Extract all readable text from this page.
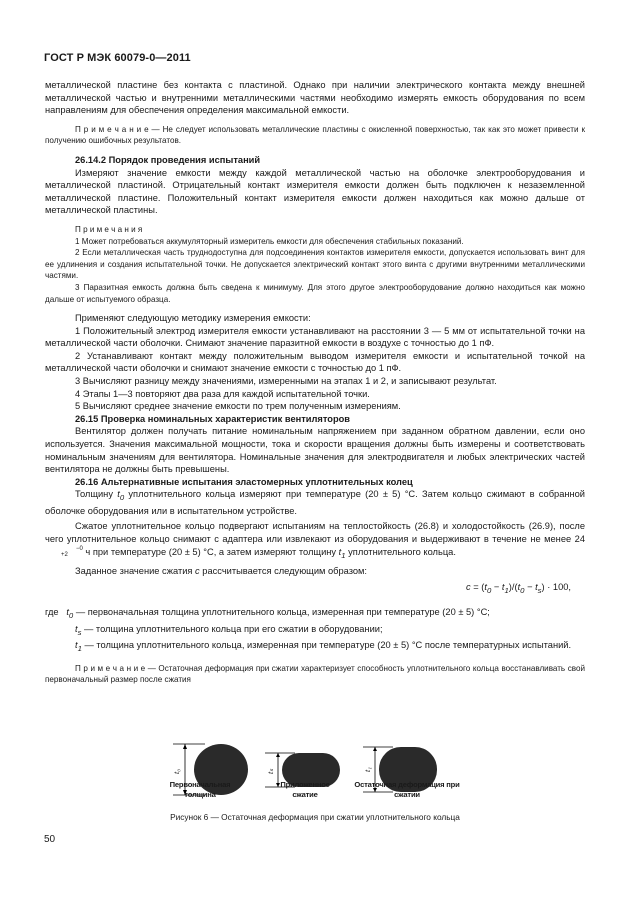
ГОСТ Р МЭК 60079-0—2011

металлической пластине без контакта с пластиной. Однако при наличии электрического контакта между внешней металлической частью и внутренними металлическими частями необходимо измерять емкость оборудования по всем направлениям для обеспечения определения максимальной емкости.

П р и м е ч а н и е — Не следует использовать металлические пластины с окисленной поверхностью, так как это может привести к получению ошибочных результатов.

26.14.2 Порядок проведения испытаний

Измеряют значение емкости между каждой металлической частью на оболочке электрооборудования и металлической пластиной. Отрицательный контакт измерителя емкости должен быть подключен к незаземленной металлической пластине. Положительный контакт измерителя емкости должен находиться как можно дальше от металлической пластины.

П р и м е ч а н и я

1 Может потребоваться аккумуляторный измеритель емкости для обеспечения стабильных показаний.

2 Если металлическая часть труднодоступна для подсоединения контактов измерителя емкости, допускается использовать винт для ее удлинения и создания испытательной точки. Не допускается электрический контакт этого винта с другими внутренними металлическими частями.

3 Паразитная емкость должна быть сведена к минимуму. Для этого другое электрооборудование должно находиться как можно дальше от испытуемого образца.

Применяют следующую методику измерения емкости:

1 Положительный электрод измерителя емкости устанавливают на расстоянии 3 — 5 мм от испытательной точки на металлической части оболочки. Снимают значение паразитной емкости в воздухе с точностью до 1 пФ.

2 Устанавливают контакт между положительным выводом измерителя емкости и испытательной точкой на металлической части оболочки и снимают значение емкости с точностью до 1 пФ.

3 Вычисляют разницу между значениями, измеренными на этапах 1 и 2, и записывают результат.

4 Этапы 1—3 повторяют два раза для каждой испытательной точки.

5 Вычисляют среднее значение емкости по трем полученным измерениям.

26.15 Проверка номинальных характеристик вентиляторов

Вентилятор должен получать питание номинальным напряжением при заданном обратном давлении, если оно используется. Значения максимальной мощности, тока и скорости вращения должны быть измерены и соответствовать номинальным значениям для вентилятора. Номинальные значения для электродвигателя и любых электрических частей вентилятора не должны быть превышены.

26.16 Альтернативные испытания эластомерных уплотнительных колец

Толщину $t_0$ уплотнительного кольца измеряют при температуре (20 ± 5) °С. Затем кольцо сжимают в собранной оболочке оборудования или в испытательном устройстве.

Сжатое уплотнительное кольцо подвергают испытаниям на теплостойкость (26.8) и холодостойкость (26.9), после чего уплотнительное кольцо снимают с адаптера или извлекают из оборудования и выдерживают в течение не менее 24−0
+2 ч при температуре (20 ± 5) °С, а затем измеряют толщину $t_1$ уплотнительного кольца.

Заданное значение сжатия c рассчитывается следующим образом:

$c = (t_0 - t_1)/(t_0 - t_s) \cdot 100$,

где $t_0$ — первоначальная толщина уплотнительного кольца, измеренная при температуре (20 ± 5) °С;

$t_s$ — толщина уплотнительного кольца при его сжатии в оборудовании;

$t_1$ — толщина уплотнительного кольца, измеренная при температуре (20 ± 5) °С после температурных испытаний.

П р и м е ч а н и е — Остаточная деформация при сжатии характеризует способность уплотнительного кольца восстанавливать свой первоначальный размер после сжатия

t₀	tₛ	t₁
Первоначальная толщина
Приложенное сжатие
Остаточная деформация при сжатии
Рисунок 6 — Остаточная деформация при сжатии уплотнительного кольца
50
